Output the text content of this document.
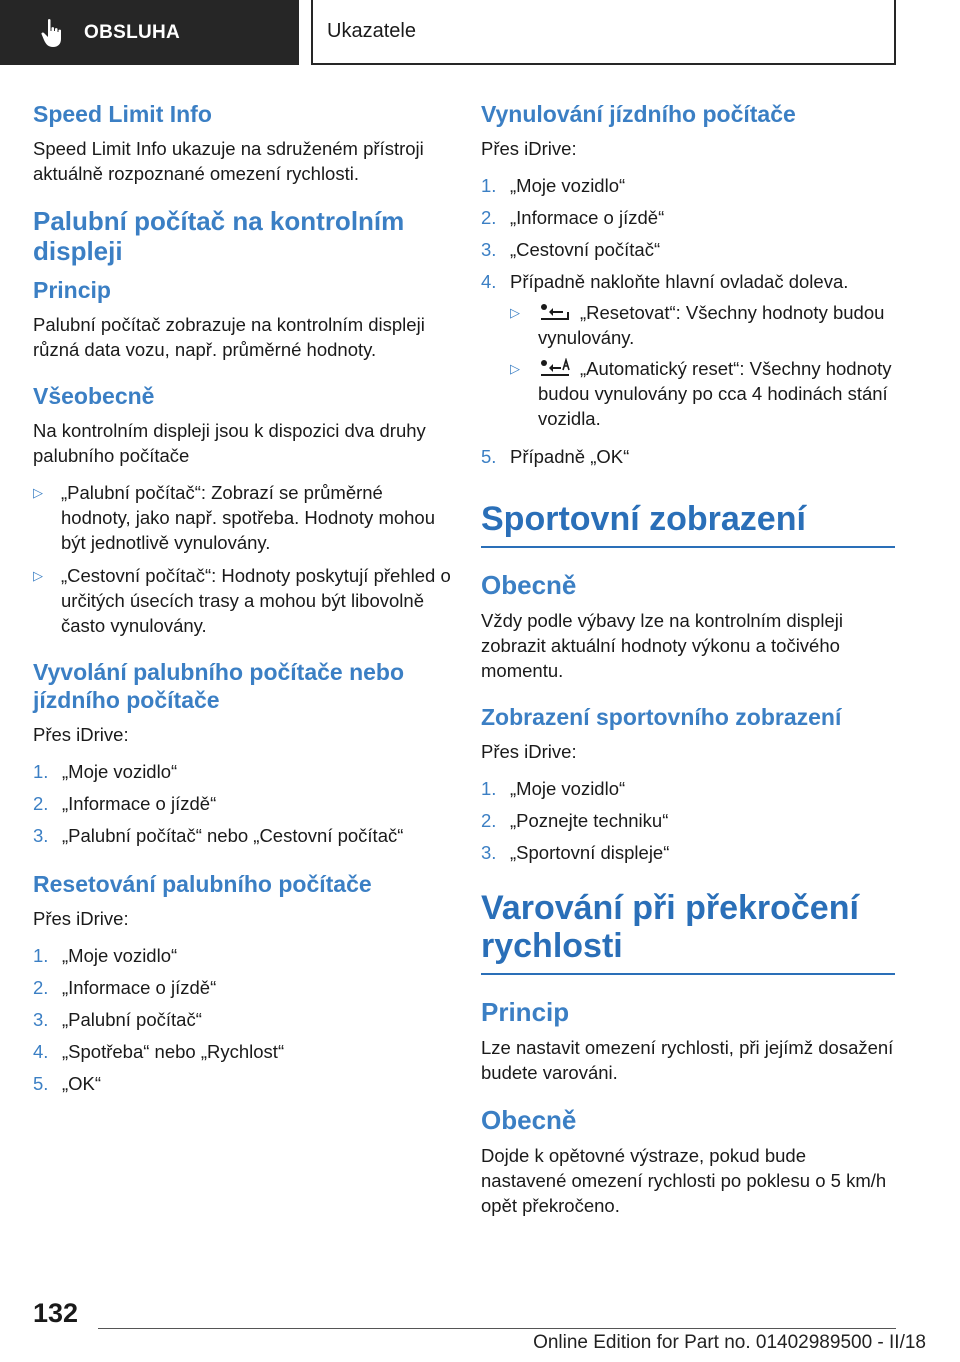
OBSLUHA	Ukazatele
Speed Limit Info

Speed Limit Info ukazuje na sdruženém přístroji aktuálně rozpoznané omezení rychlosti.

Palubní počítač na kontrolním displeji
Princip

Palubní počítač zobrazuje na kontrolním displeji různá data vozu, např. průměrné hodnoty.

Všeobecně

Na kontrolním displeji jsou k dispozici dva druhy palubního počítače

▷ „Palubní počítač“: Zobrazí se průměrné hodnoty, jako např. spotřeba. Hodnoty mohou být jednotlivě vynulovány.
▷ „Cestovní počítač“: Hodnoty poskytují přehled o určitých úsecích trasy a mohou být libovolně často vynulovány.
Vyvolání palubního počítače nebo jízdního počítače

Přes iDrive:

1. „Moje vozidlo“
2. „Informace o jízdě“
3. „Palubní počítač“ nebo „Cestovní počítač“
Resetování palubního počítače

Přes iDrive:

1. „Moje vozidlo“
2. „Informace o jízdě“
3. „Palubní počítač“
4. „Spotřeba“ nebo „Rychlost“
5. „OK“
Vynulování jízdního počítače

Přes iDrive:

1. „Moje vozidlo“
2. „Informace o jízdě“
3. „Cestovní počítač“
4. Případně nakloňte hlavní ovladač doleva.
▷	„Resetovat“: Všechny hodnoty budou vynulovány.
▷	„Automatický reset“: Všechny hodnoty budou vynulovány po cca 4 hodinách stání vozidla.
5. Případně „OK“
Sportovní zobrazení
Obecně

Vždy podle výbavy lze na kontrolním displeji zobrazit aktuální hodnoty výkonu a točivého momentu.

Zobrazení sportovního zobrazení

Přes iDrive:

1. „Moje vozidlo“
2. „Poznejte techniku“
3. „Sportovní displeje“
Varování při překročení rychlosti
Princip

Lze nastavit omezení rychlosti, při jejímž dosažení budete varováni.

Obecně

Dojde k opětovné výstraze, pokud bude nastavené omezení rychlosti po poklesu o 5 km/h opět překročeno.

132
Online Edition for Part no. 01402989500 - II/18
